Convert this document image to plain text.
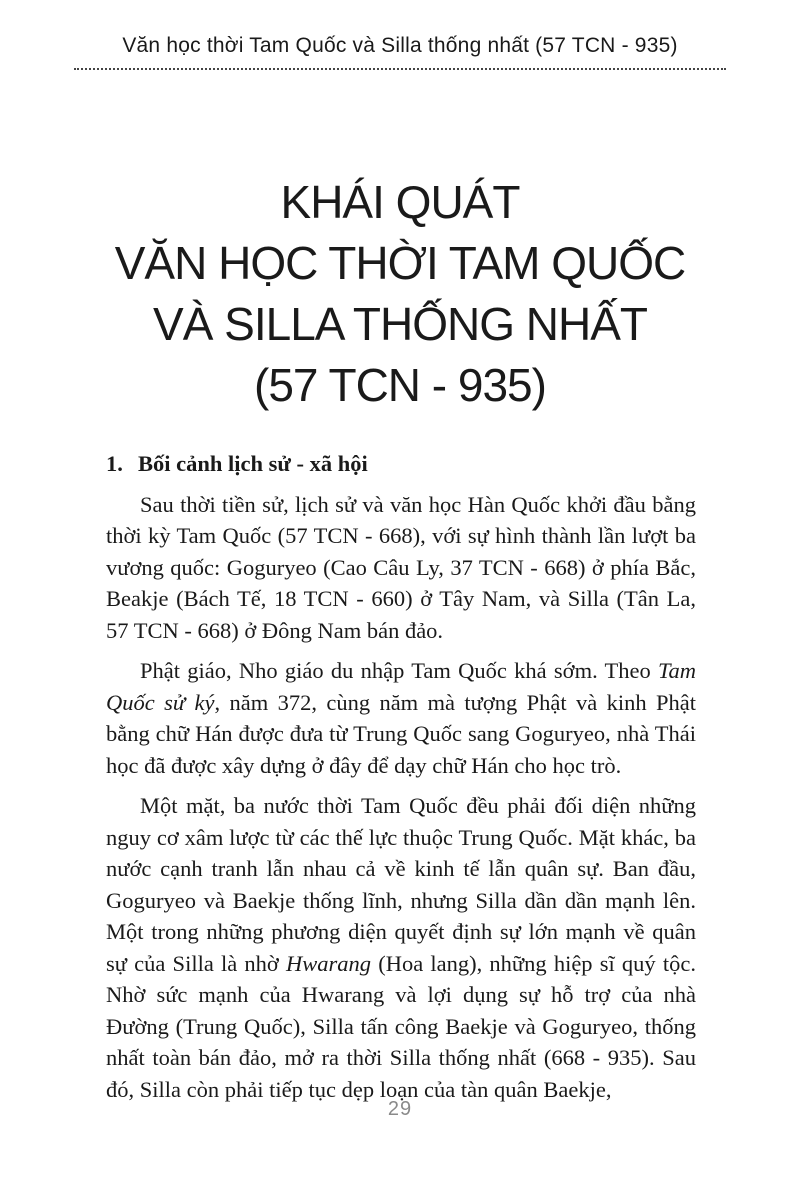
Văn học thời Tam Quốc và Silla thống nhất (57 TCN - 935)
KHÁI QUÁT
VĂN HỌC THỜI TAM QUỐC
VÀ SILLA THỐNG NHẤT
(57 TCN - 935)
1. Bối cảnh lịch sử - xã hội

Sau thời tiền sử, lịch sử và văn học Hàn Quốc khởi đầu bằng thời kỳ Tam Quốc (57 TCN - 668), với sự hình thành lần lượt ba vương quốc: Goguryeo (Cao Câu Ly, 37 TCN - 668) ở phía Bắc, Beakje (Bách Tế, 18 TCN - 660) ở Tây Nam, và Silla (Tân La, 57 TCN - 668) ở Đông Nam bán đảo.

Phật giáo, Nho giáo du nhập Tam Quốc khá sớm. Theo Tam Quốc sử ký, năm 372, cùng năm mà tượng Phật và kinh Phật bằng chữ Hán được đưa từ Trung Quốc sang Goguryeo, nhà Thái học đã được xây dựng ở đây để dạy chữ Hán cho học trò.

Một mặt, ba nước thời Tam Quốc đều phải đối diện những nguy cơ xâm lược từ các thế lực thuộc Trung Quốc. Mặt khác, ba nước cạnh tranh lẫn nhau cả về kinh tế lẫn quân sự. Ban đầu, Goguryeo và Baekje thống lĩnh, nhưng Silla dần dần mạnh lên. Một trong những phương diện quyết định sự lớn mạnh về quân sự của Silla là nhờ Hwarang (Hoa lang), những hiệp sĩ quý tộc. Nhờ sức mạnh của Hwarang và lợi dụng sự hỗ trợ của nhà Đường (Trung Quốc), Silla tấn công Baekje và Goguryeo, thống nhất toàn bán đảo, mở ra thời Silla thống nhất (668 - 935). Sau đó, Silla còn phải tiếp tục dẹp loạn của tàn quân Baekje,

29
